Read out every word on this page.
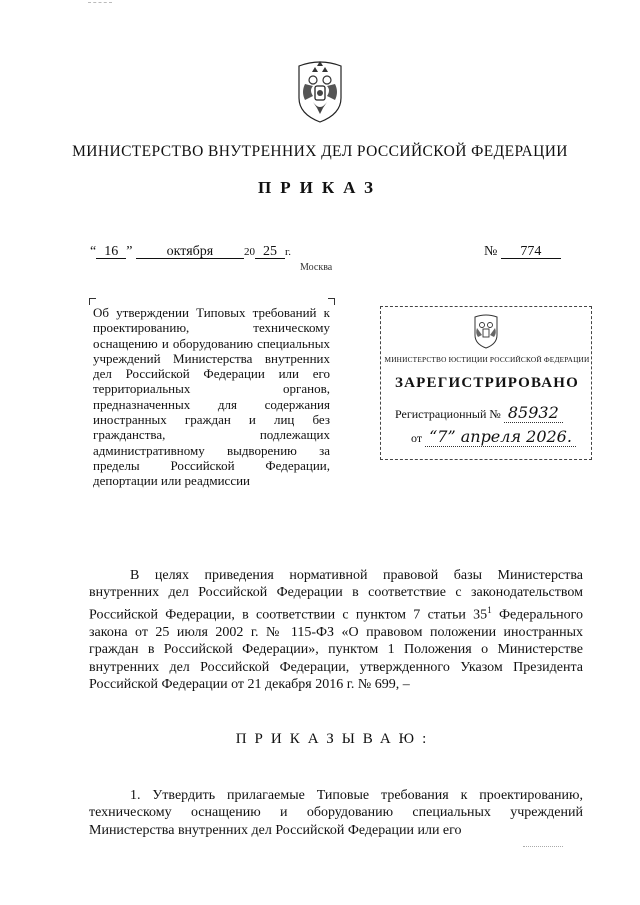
МИНИСТЕРСТВО ВНУТРЕННИХ ДЕЛ РОССИЙСКОЙ ФЕДЕРАЦИИ
ПРИКАЗ
“ 16 ” октября	20 25 г.	№ 774
Москва
Об утверждении Типовых требований к проектированию, техническому оснащению и оборудованию специальных учреждений Министерства внутренних дел Российской Федерации или его территориальных органов, предназначенных для содержания иностранных граждан и лиц без гражданства, подлежащих административному выдворению за пределы Российской Федерации, депортации или реадмиссии
МИНИСТЕРСТВО ЮСТИЦИИ РОССИЙСКОЙ ФЕДЕРАЦИИ
ЗАРЕГИСТРИРОВАНО
Регистрационный № 85932
от “7” апреля 2026.
В целях приведения нормативной правовой базы Министерства внутренних дел Российской Федерации в соответствие с законодательством Российской Федерации, в соответствии с пунктом 7 статьи $35^1$ Федерального закона от 25 июля 2002 г. № 115-ФЗ «О правовом положении иностранных граждан в Российской Федерации», пунктом 1 Положения о Министерстве внутренних дел Российской Федерации, утвержденного Указом Президента Российской Федерации от 21 декабря 2016 г. № 699, –
ПРИКАЗЫВАЮ:
1. Утвердить прилагаемые Типовые требования к проектированию, техническому оснащению и оборудованию специальных учреждений Министерства внутренних дел Российской Федерации или его
